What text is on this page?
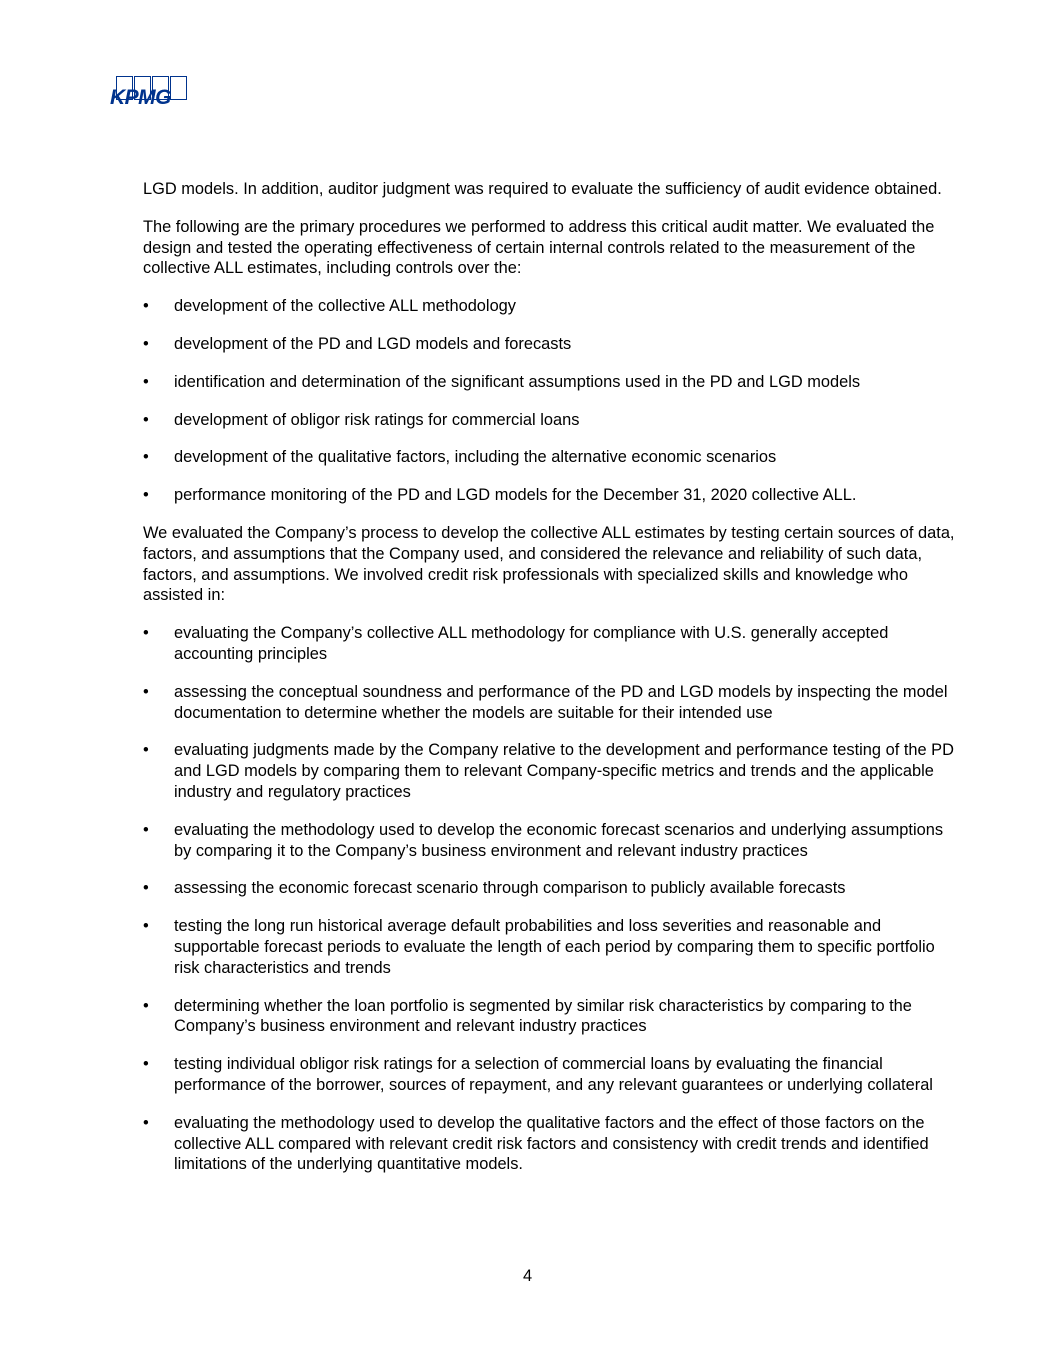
KPMG

LGD models. In addition, auditor judgment was required to evaluate the sufficiency of audit evidence obtained.

The following are the primary procedures we performed to address this critical audit matter. We evaluated the design and tested the operating effectiveness of certain internal controls related to the measurement of the collective ALL estimates, including controls over the:

• development of the collective ALL methodology
• development of the PD and LGD models and forecasts
• identification and determination of the significant assumptions used in the PD and LGD models
• development of obligor risk ratings for commercial loans
• development of the qualitative factors, including the alternative economic scenarios
• performance monitoring of the PD and LGD models for the December 31, 2020 collective ALL.

We evaluated the Company’s process to develop the collective ALL estimates by testing certain sources of data, factors, and assumptions that the Company used, and considered the relevance and reliability of such data, factors, and assumptions. We involved credit risk professionals with specialized skills and knowledge who assisted in:

• evaluating the Company’s collective ALL methodology for compliance with U.S. generally accepted accounting principles
• assessing the conceptual soundness and performance of the PD and LGD models by inspecting the model documentation to determine whether the models are suitable for their intended use
• evaluating judgments made by the Company relative to the development and performance testing of the PD and LGD models by comparing them to relevant Company-specific metrics and trends and the applicable industry and regulatory practices
• evaluating the methodology used to develop the economic forecast scenarios and underlying assumptions by comparing it to the Company’s business environment and relevant industry practices
• assessing the economic forecast scenario through comparison to publicly available forecasts
• testing the long run historical average default probabilities and loss severities and reasonable and supportable forecast periods to evaluate the length of each period by comparing them to specific portfolio risk characteristics and trends
• determining whether the loan portfolio is segmented by similar risk characteristics by comparing to the Company’s business environment and relevant industry practices
• testing individual obligor risk ratings for a selection of commercial loans by evaluating the financial performance of the borrower, sources of repayment, and any relevant guarantees or underlying collateral
• evaluating the methodology used to develop the qualitative factors and the effect of those factors on the collective ALL compared with relevant credit risk factors and consistency with credit trends and identified limitations of the underlying quantitative models.
4
